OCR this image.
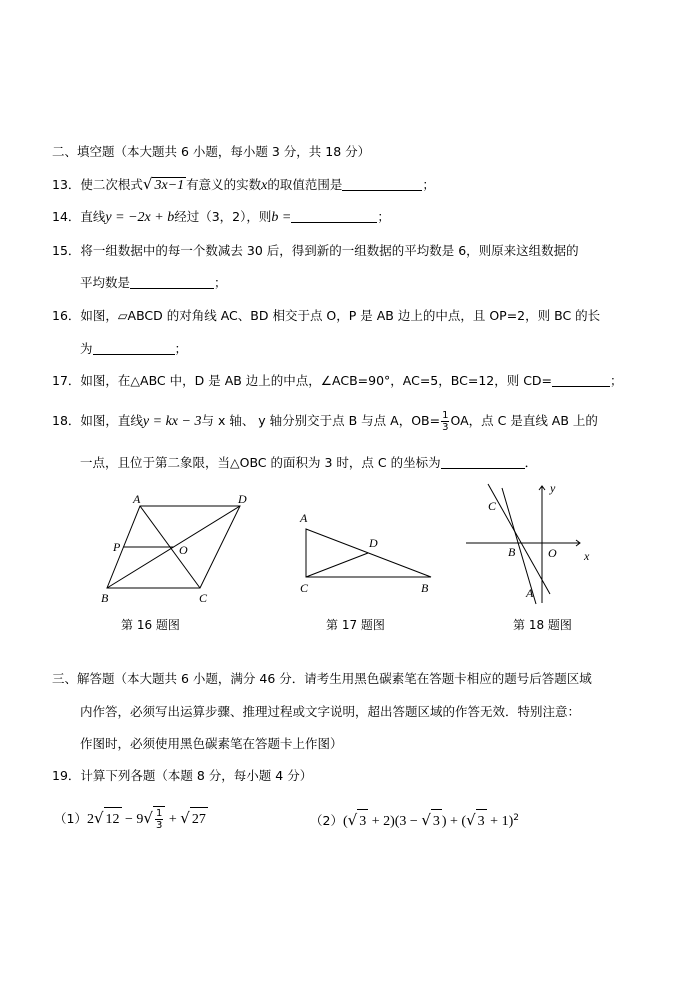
二、填空题（本大题共 6 小题，每小题 3 分，共 18 分）
13．使二次根式√ 3x−1 有意义的实数x的取值范围是	；
14．直线y = −2x + b经过（3，2），则b =	；
15．将一组数据中的每一个数减去 30 后，得到新的一组数据的平均数是 6，则原来这组数据的
平均数是	；
16．如图，▱ABCD 的对角线 AC、BD 相交于点 O，P 是 AB 边上的中点，且 OP=2，则 BC 的长
为	；
17．如图，在△ABC 中，D 是 AB 边上的中点，∠ACB=90°，AC=5，BC=12，则 CD=	；
18．如图，直线y = kx − 3与 x 轴、 y 轴分别交于点 B 与点 A，$OB= \frac{1}{3}$ OA，点 C 是直线 AB 上的
一点，且位于第二象限，当△OBC 的面积为 3 时，点 C 的坐标为	．
A	D
P	O
B	C
第 16 题图
A
D
C	B
第 17 题图
y
x
C
B	O
A
第 18 题图
三、解答题（本大题共 6 小题，满分 46 分．请考生用黑色碳素笔在答题卡相应的题号后答题区域
内作答，必须写出运算步骤、推理过程或文字说明，超出答题区域的作答无效．特别注意：
作图时，必须使用黑色碳素笔在答题卡上作图）
19．计算下列各题（本题 8 分，每小题 4 分）
（1）2√ $12 - 9√ \frac{1}{3}$ + √ 27	（2）(√ 3 + 2)(3 − √ 3 ) + (√ 3 + 1)$^2$
